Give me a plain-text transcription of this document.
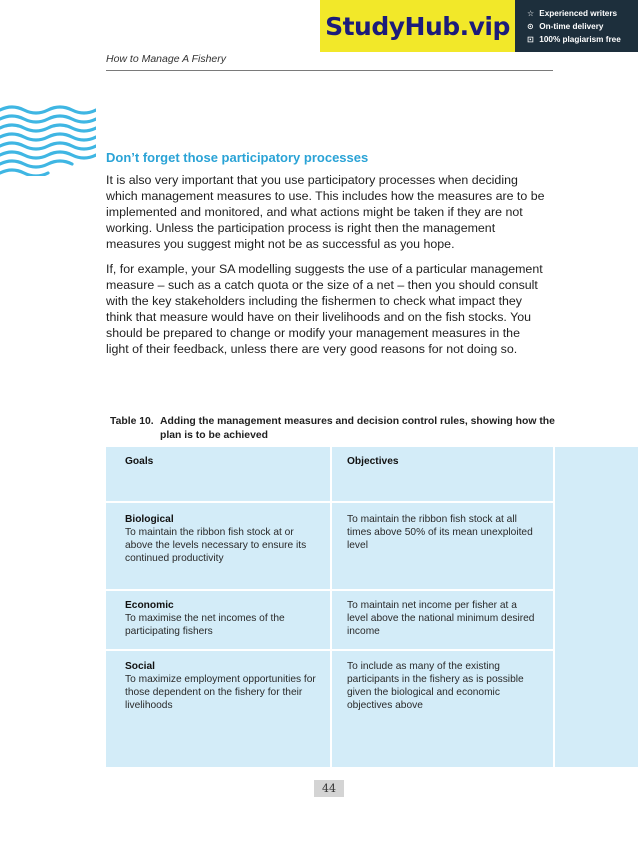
StudyHub.vip	☆ Experienced writers
⊙ On-time delivery
⊡ 100% plagiarism free
How to Manage A Fishery
Don’t forget those participatory processes

It is also very important that you use participatory processes when deciding which management measures to use. This includes how the measures are to be implemented and monitored, and what actions might be taken if they are not working. Unless the participation process is right then the management measures you suggest might not be as successful as you hope.

If, for example, your SA modelling suggests the use of a particular management measure – such as a catch quota or the size of a net – then you should consult with the key stakeholders including the fishermen to check what impact they think that measure would have on their livelihoods and on the fish stocks. You should be prepared to change or modify your management measures in the light of their feedback, unless there are very good reasons for not doing so.

Table 10. Adding the management measures and decision control rules, showing how the plan is to be achieved
Goals	Objectives
Biological
To maintain the ribbon fish stock at or above the levels necessary to ensure its continued productivity
To maintain the ribbon fish stock at all times above 50% of its mean unexploited level
Economic
To maximise the net incomes of the participating fishers
To maintain net income per fisher at a level above the national minimum desired income
Social
To maximize employment opportunities for those dependent on the fishery for their livelihoods
To include as many of the existing participants in the fishery as is possible given the biological and economic objectives above
44
